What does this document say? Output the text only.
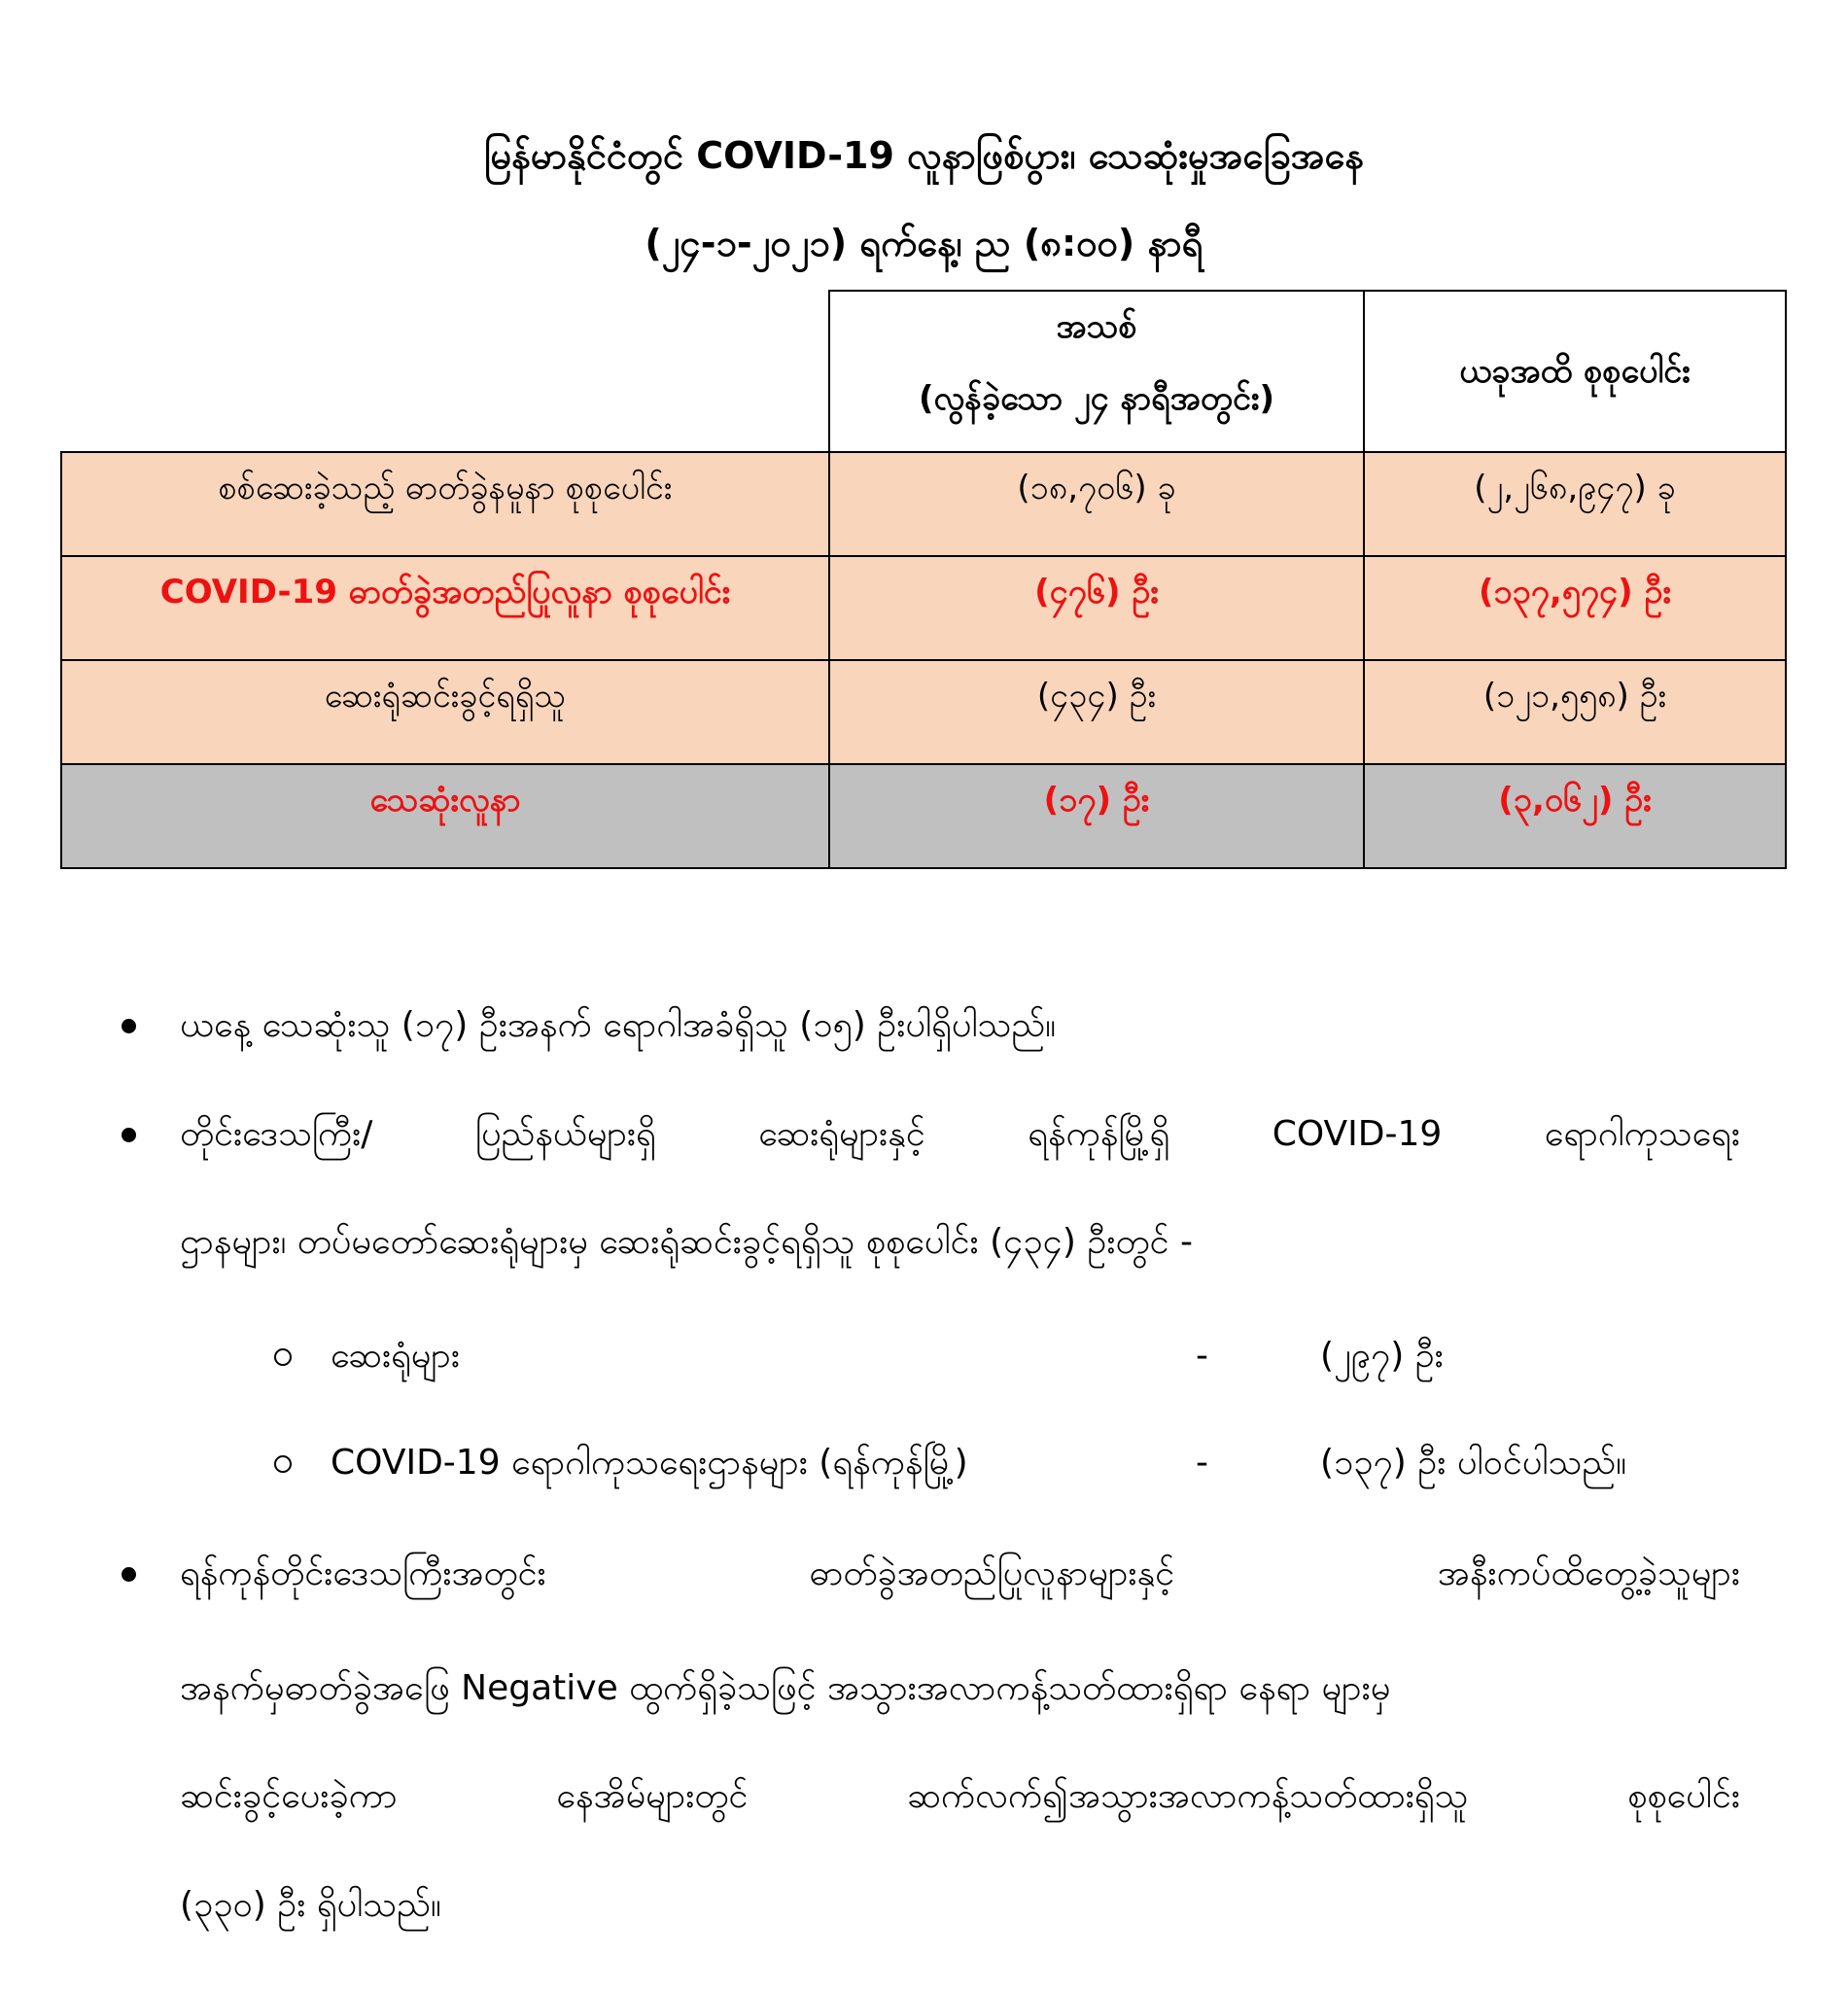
မြန်မာနိုင်ငံတွင် COVID-19 လူနာဖြစ်ပွား၊ သေဆုံးမှုအခြေအနေ
(၂၄-၁-၂၀၂၁) ရက်နေ့၊ ည (၈:၀၀) နာရီ

	အသစ်
(လွန်ခဲ့သော ၂၄ နာရီအတွင်း)	ယခုအထိ စုစုပေါင်း
စစ်ဆေးခဲ့သည့် ဓာတ်ခွဲနမူနာ စုစုပေါင်း	(၁၈,၇၀၆) ခု	(၂,၂၆၈,၉၄၇) ခု
COVID-19 ဓာတ်ခွဲအတည်ပြုလူနာ စုစုပေါင်း	(၄၇၆) ဦး	(၁၃၇,၅၇၄) ဦး
ဆေးရုံဆင်းခွင့်ရရှိသူ	(၄၃၄) ဦး	(၁၂၁,၅၅၈) ဦး
သေဆုံးလူနာ	(၁၇) ဦး	(၃,၀၆၂) ဦး
ယနေ့ သေဆုံးသူ (၁၇) ဦးအနက် ရောဂါအခံရှိသူ (၁၅) ဦးပါရှိပါသည်။
တိုင်းဒေသကြီး/	ပြည်နယ်များရှိ	ဆေးရုံများနှင့်	ရန်ကုန်မြို့ရှိ	COVID-19	ရောဂါကုသရေး
ဌာနများ၊ တပ်မတော်ဆေးရုံများမှ ဆေးရုံဆင်းခွင့်ရရှိသူ စုစုပေါင်း (၄၃၄) ဦးတွင် -
ဆေးရုံများ	-	(၂၉၇) ဦး
COVID-19 ရောဂါကုသရေးဌာနများ (ရန်ကုန်မြို့)	-	(၁၃၇) ဦး ပါဝင်ပါသည်။
ရန်ကုန်တိုင်းဒေသကြီးအတွင်း	ဓာတ်ခွဲအတည်ပြုလူနာများနှင့်	အနီးကပ်ထိတွေ့ခဲ့သူများ
အနက်မှဓာတ်ခွဲအဖြေ Negative ထွက်ရှိခဲ့သဖြင့် အသွားအလာကန့်သတ်ထားရှိရာ နေရာ များမှ
ဆင်းခွင့်ပေးခဲ့ကာ	နေအိမ်များတွင်	ဆက်လက်၍အသွားအလာကန့်သတ်ထားရှိသူ	စုစုပေါင်း
(၃၃၀) ဦး ရှိပါသည်။
